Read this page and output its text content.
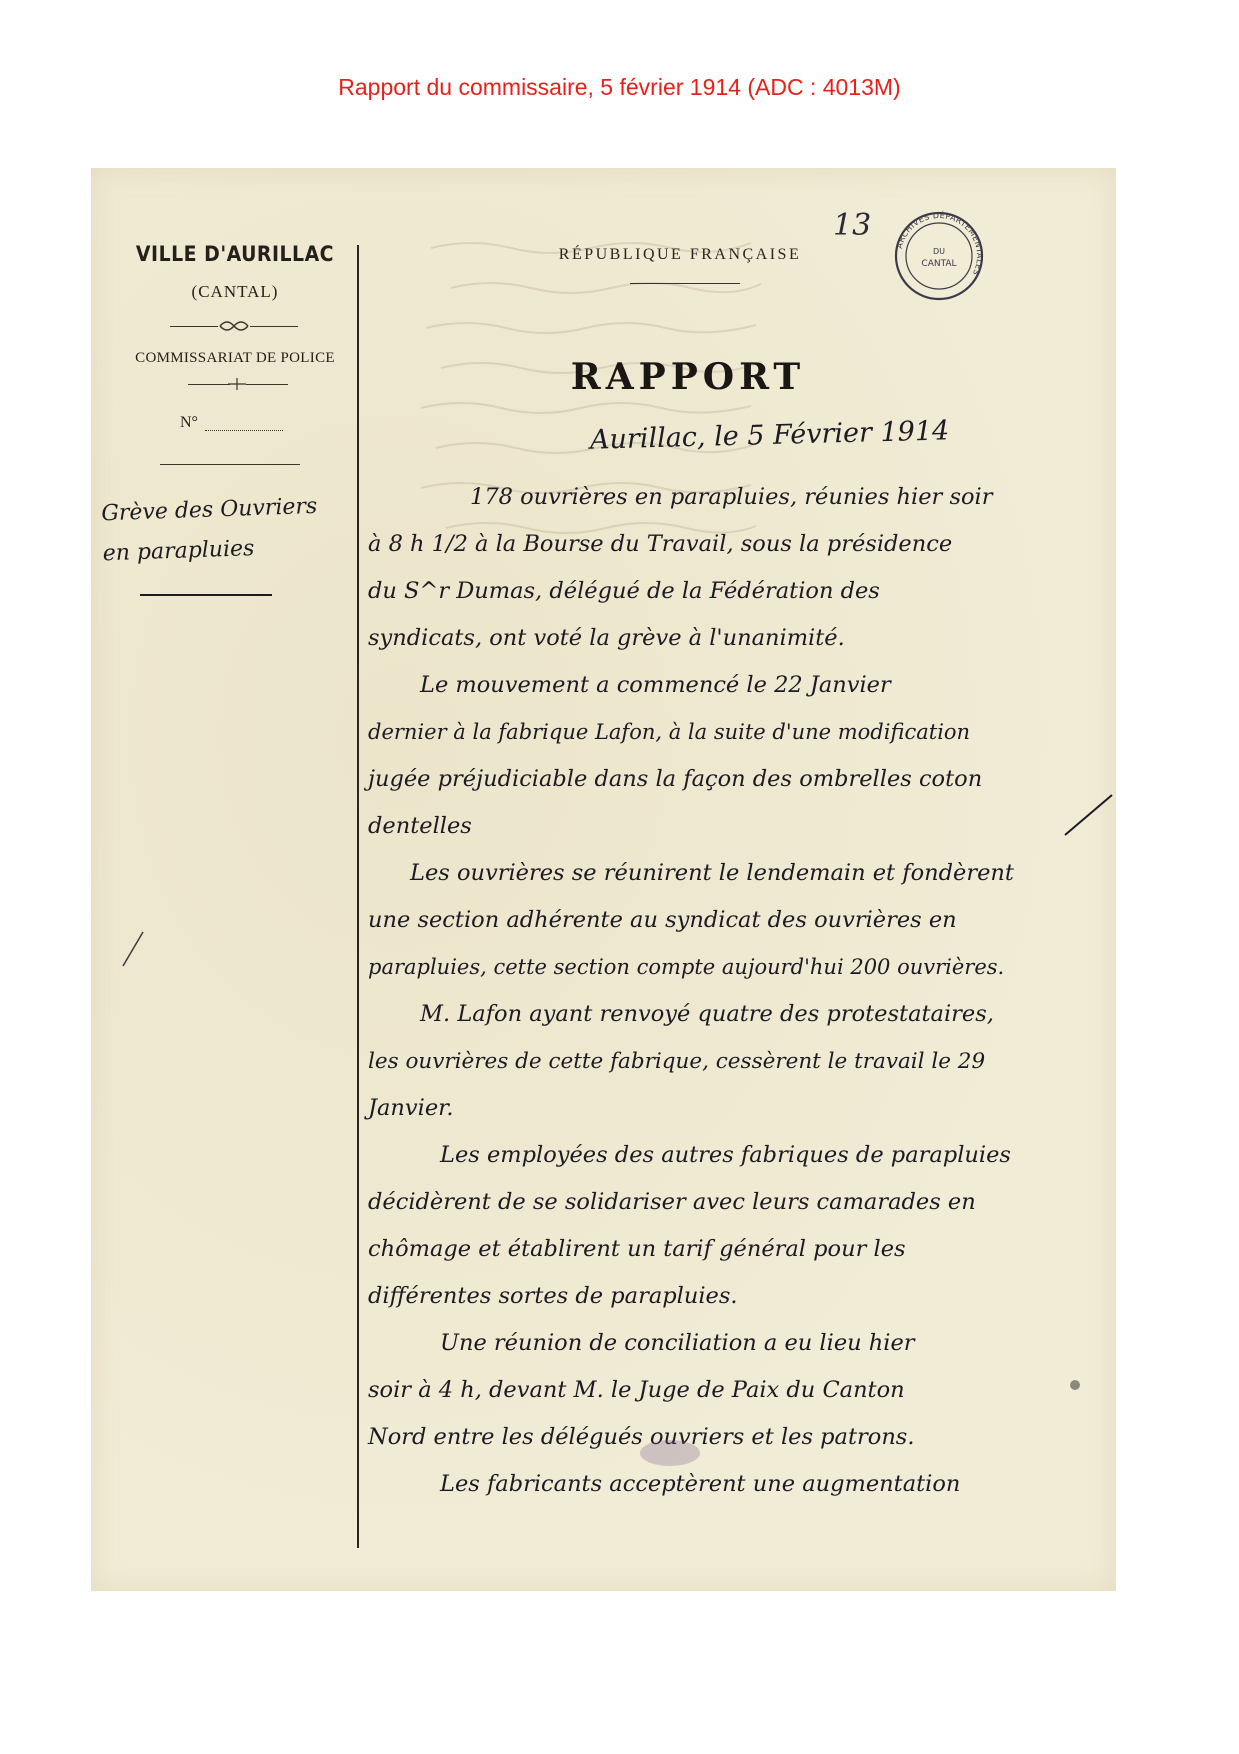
Rapport du commissaire, 5 février 1914 (ADC : 4013M)
VILLE D'AURILLAC
(CANTAL)
COMMISSARIAT DE POLICE
N°
Grève des Ouvriers
en parapluies
RÉPUBLIQUE FRANÇAISE
RAPPORT
13
ARCHIVES DÉPARTEMENTALES
DU
CANTAL
Aurillac, le 5 Février 1914
178 ouvrières en parapluies, réunies hier soir
à 8 h 1/2 à la Bourse du Travail, sous la présidence
du S^r Dumas, délégué de la Fédération des
syndicats, ont voté la grève à l'unanimité.
Le mouvement a commencé le 22 Janvier
dernier à la fabrique Lafon, à la suite d'une modification
jugée préjudiciable dans la façon des ombrelles coton
dentelles
Les ouvrières se réunirent le lendemain et fondèrent
une section adhérente au syndicat des ouvrières en
parapluies, cette section compte aujourd'hui 200 ouvrières.
M. Lafon ayant renvoyé quatre des protestataires,
les ouvrières de cette fabrique, cessèrent le travail le 29
Janvier.
Les employées des autres fabriques de parapluies
décidèrent de se solidariser avec leurs camarades en
chômage et établirent un tarif général pour les
différentes sortes de parapluies.
Une réunion de conciliation a eu lieu hier
soir à 4 h, devant M. le Juge de Paix du Canton
Nord entre les délégués ouvriers et les patrons.
Les fabricants acceptèrent une augmentation
